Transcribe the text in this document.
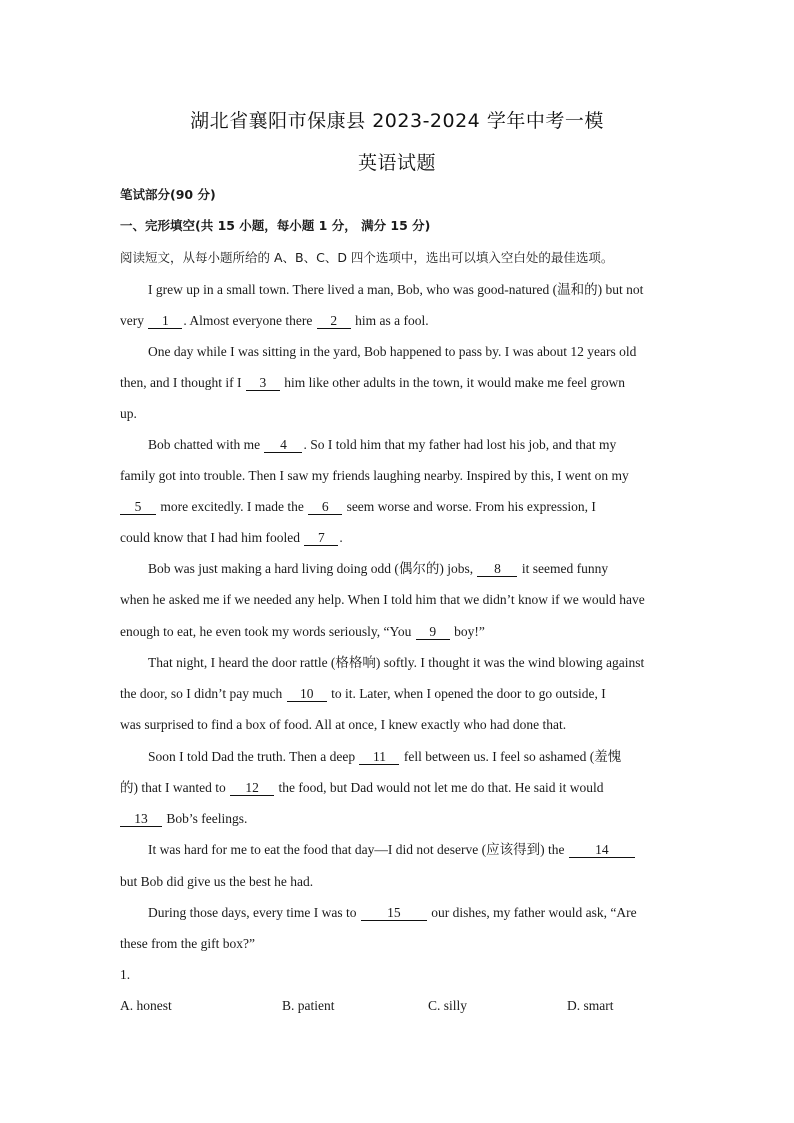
湖北省襄阳市保康县 2023-2024 学年中考一模
英语试题
笔试部分(90 分)
一、完形填空(共 15 小题，每小题 1 分， 满分 15 分)
阅读短文，从每小题所给的 A、B、C、D 四个选项中，选出可以填入空白处的最佳选项。
I grew up in a small town. There lived a man, Bob, who was good-natured (温和的) but not
very 1 . Almost everyone there 2 him as a fool.
One day while I was sitting in the yard, Bob happened to pass by. I was about 12 years old
then, and I thought if I 3 him like other adults in the town, it would make me feel grown
up.
Bob chatted with me 4 . So I told him that my father had lost his job, and that my
family got into trouble. Then I saw my friends laughing nearby. Inspired by this, I went on my
5 more excitedly. I made the 6 seem worse and worse. From his expression, I
could know that I had him fooled 7 .
Bob was just making a hard living doing odd (偶尔的) jobs, 8 it seemed funny
when he asked me if we needed any help. When I told him that we didn’t know if we would have
enough to eat, he even took my words seriously, “You 9 boy!”
That night, I heard the door rattle (格格响) softly. I thought it was the wind blowing against
the door, so I didn’t pay much 10 to it. Later, when I opened the door to go outside, I
was surprised to find a box of food. All at once, I knew exactly who had done that.
Soon I told Dad the truth. Then a deep 11 fell between us. I feel so ashamed (羞愧
的) that I wanted to 12 the food, but Dad would not let me do that. He said it would
13 Bob’s feelings.
It was hard for me to eat the food that day—I did not deserve (应该得到) the 14
but Bob did give us the best he had.
During those days, every time I was to 15 our dishes, my father would ask, “Are
these from the gift box?”
1.
A. honest	B. patient	C. silly	D. smart
